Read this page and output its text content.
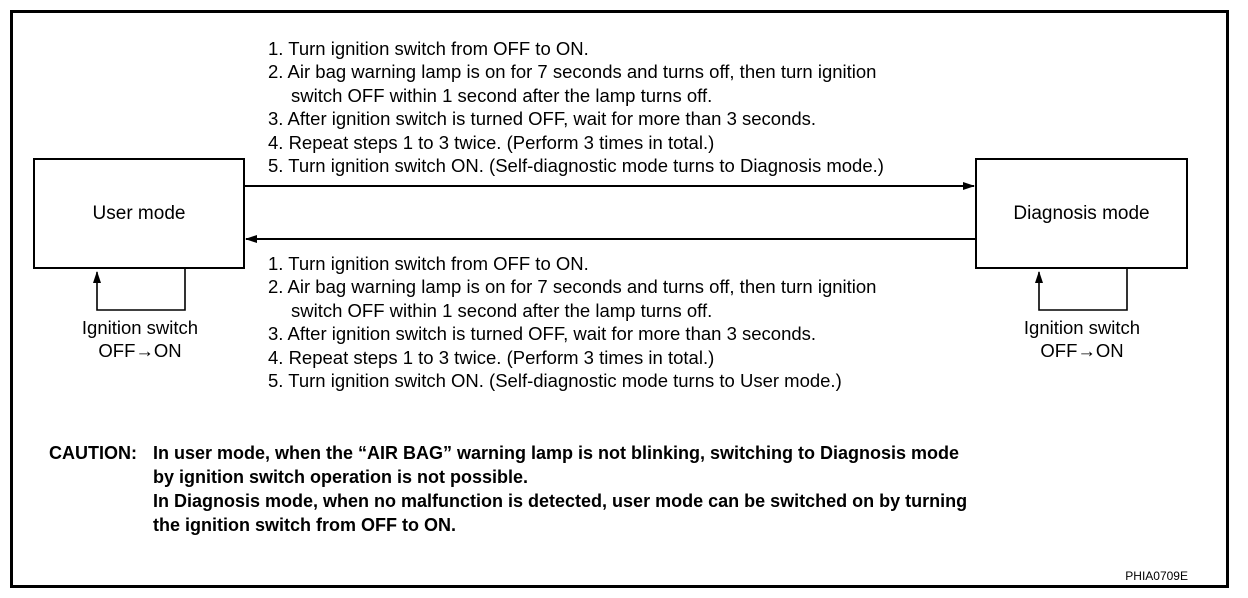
User mode	Diagnosis mode
1. Turn ignition switch from OFF to ON.
2. Air bag warning lamp is on for 7 seconds and turns off, then turn ignition
switch OFF within 1 second after the lamp turns off.
3. After ignition switch is turned OFF, wait for more than 3 seconds.
4. Repeat steps 1 to 3 twice. (Perform 3 times in total.)
5. Turn ignition switch ON. (Self-diagnostic mode turns to Diagnosis mode.)
1. Turn ignition switch from OFF to ON.
2. Air bag warning lamp is on for 7 seconds and turns off, then turn ignition
switch OFF within 1 second after the lamp turns off.
3. After ignition switch is turned OFF, wait for more than 3 seconds.
4. Repeat steps 1 to 3 twice. (Perform 3 times in total.)
5. Turn ignition switch ON. (Self-diagnostic mode turns to User mode.)
Ignition switch
OFF→ON
Ignition switch
OFF→ON
CAUTION: In user mode, when the “AIR BAG” warning lamp is not blinking, switching to Diagnosis mode
by ignition switch operation is not possible.
In Diagnosis mode, when no malfunction is detected, user mode can be switched on by turning
the ignition switch from OFF to ON.
PHIA0709E
